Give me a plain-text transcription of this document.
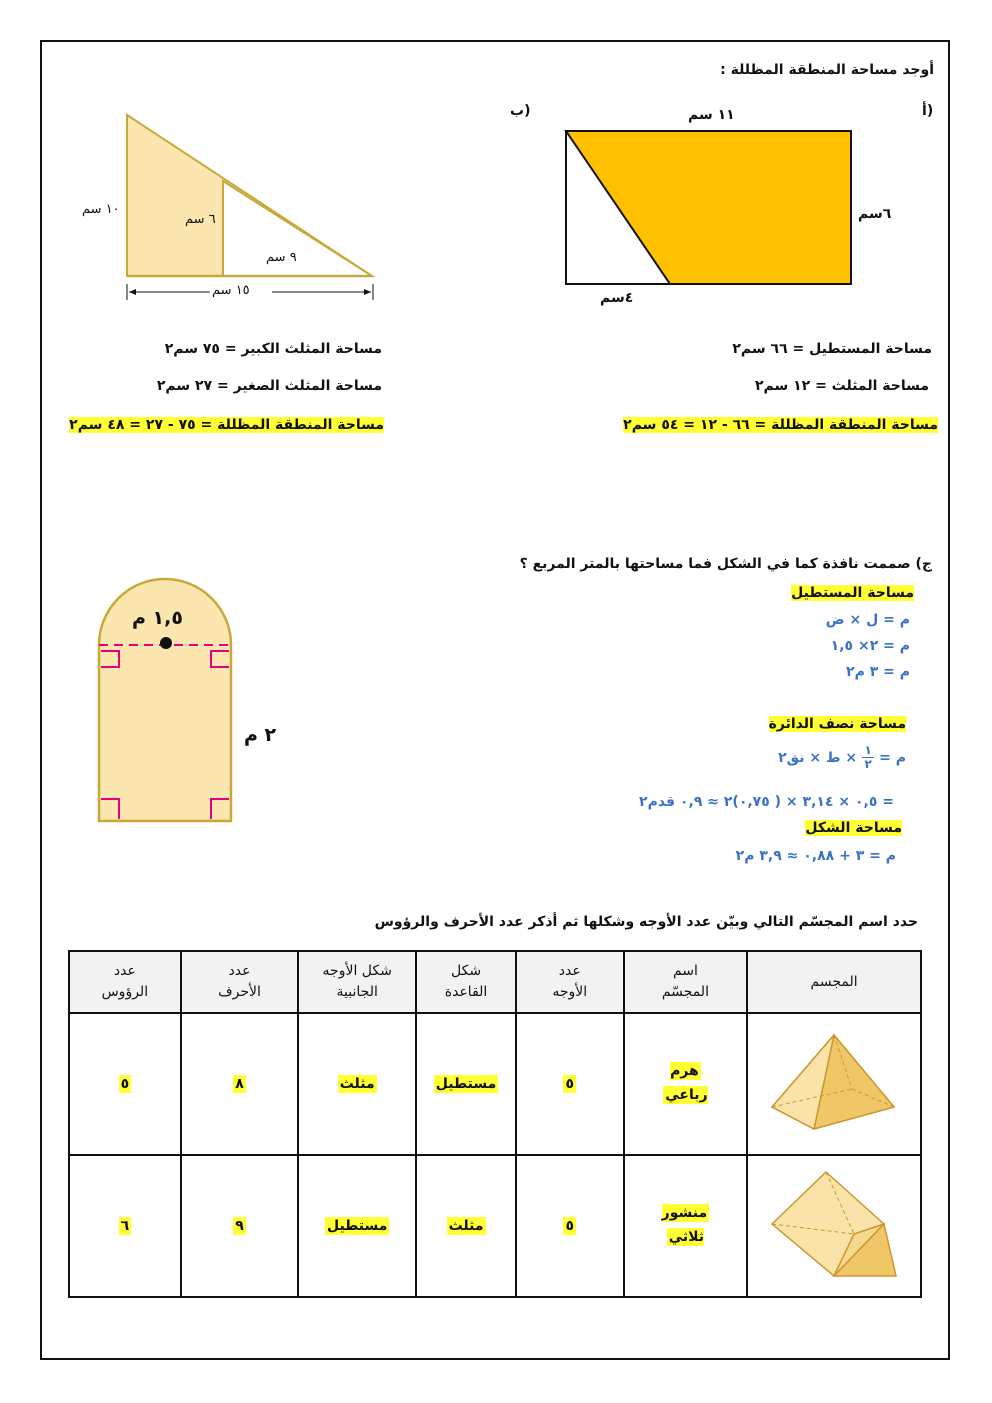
أوجد مساحة المنطقة المظللة :
أ)
ب)	١١ سم
٦سم
٤سم
١٠ سم
٦ سم
٩ سم
١٥ سم
مساحة المستطيل = ٦٦ سم٢
مساحة المثلث = ١٢ سم٢
مساحة المنطقة المظللة = ٦٦ - ١٢ = ٥٤ سم٢
مساحة المثلث الكبير = ٧٥ سم٢
مساحة المثلث الصغير = ٢٧ سم٢
مساحة المنطقة المظللة = ٧٥ - ٢٧ = ٤٨ سم٢
ج) صممت نافذة كما في الشكل فما مساحتها بالمتر المربع ؟
١,٥ م
٢ م
مساحة المستطيل
م = ل × ض
م = ٢× ١,٥
م = ٣ م٢
مساحة نصف الدائرة
م =
١
٢
× ط × نق٢
= ٠,٥ × ٣,١٤ × ( ٠,٧٥)٢ ≈ ٠,٩ قدم٢
مساحة الشكل
م = ٣ + ٠,٨٨ ≈ ٣,٩ م٢
حدد اسم المجسّم التالي وبيّن عدد الأوجه وشكلها ثم أذكر عدد الأحرف والرؤوس
المجسم	اسم المجسّم	عدد الأوجه	شكل القاعدة	شكل الأوجه الجانبية	عدد الأحرف	عدد الرؤوس

هرم رباعي	٥	مستطيل	مثلث	٨	٥

منشور ثلاثي	٥	مثلث	مستطيل	٩	٦
